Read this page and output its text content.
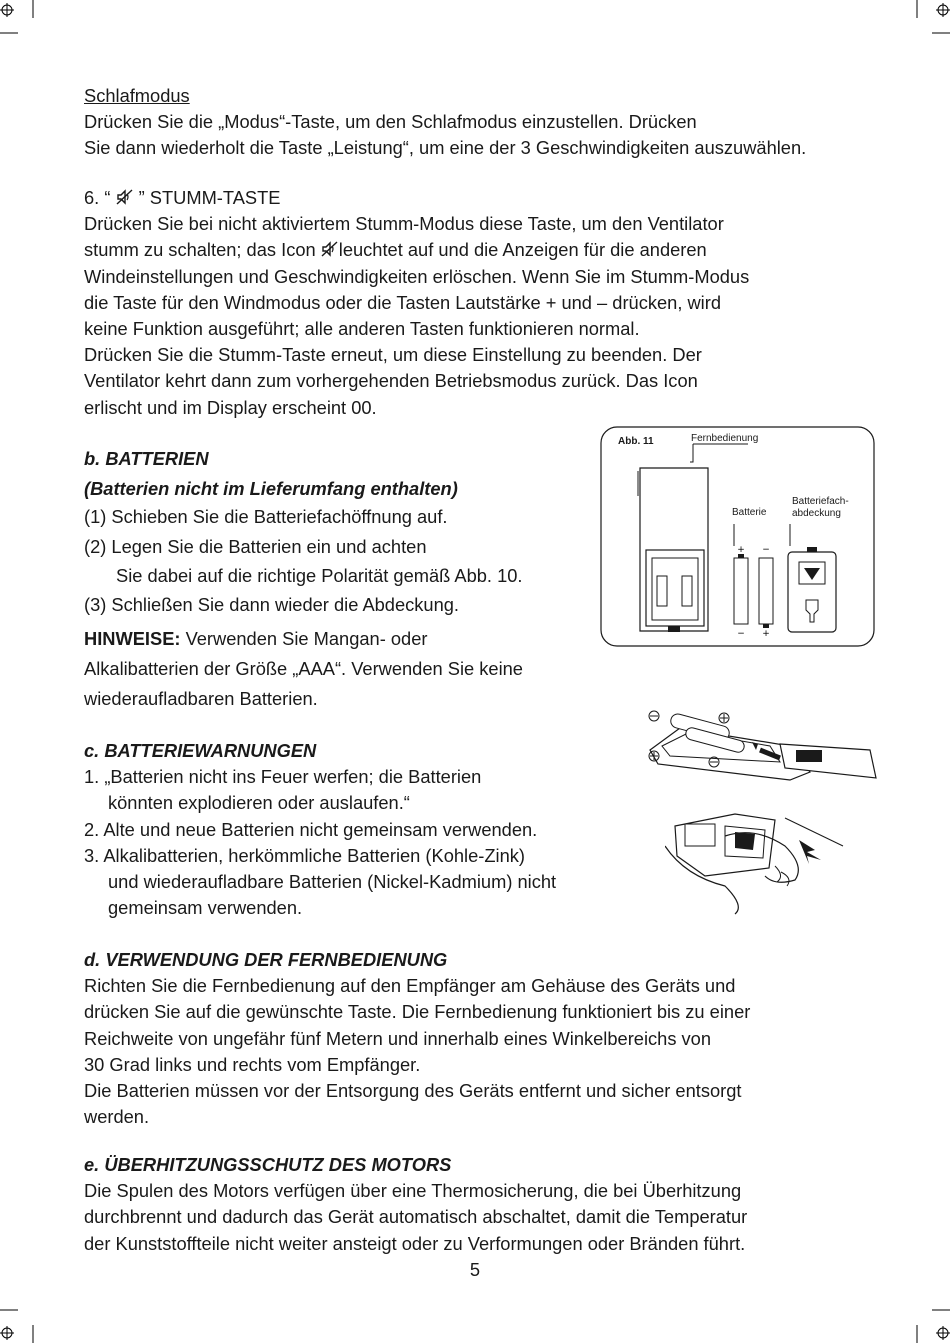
Schlafmodus
Drücken Sie die „Modus“-Taste, um den Schlafmodus einzustellen. Drücken
Sie dann wiederholt die Taste „Leistung“, um eine der 3 Geschwindigkeiten auszuwählen.
6. “ ” STUMM-TASTE
Drücken Sie bei nicht aktiviertem Stumm-Modus diese Taste, um den Ventilator
stumm zu schalten; das Icon leuchtet auf und die Anzeigen für die anderen
Windeinstellungen und Geschwindigkeiten erlöschen. Wenn Sie im Stumm-Modus
die Taste für den Windmodus oder die Tasten Lautstärke + und – drücken, wird
keine Funktion ausgeführt; alle anderen Tasten funktionieren normal.
Drücken Sie die Stumm-Taste erneut, um diese Einstellung zu beenden. Der
Ventilator kehrt dann zum vorhergehenden Betriebsmodus zurück. Das Icon
erlischt und im Display erscheint 00.
b. BATTERIEN
(Batterien nicht im Lieferumfang enthalten)
(1) Schieben Sie die Batteriefachöffnung auf.
(2) Legen Sie die Batterien ein und achten
Sie dabei auf die richtige Polarität gemäß Abb. 10.
(3) Schließen Sie dann wieder die Abdeckung.
HINWEISE: Verwenden Sie Mangan- oder
Alkalibatterien der Größe „AAA“. Verwenden Sie keine
wiederaufladbaren Batterien.
+ −
− +
Abb. 11	Fernbedienung
Batterie
Batteriefach-
abdeckung
c. BATTERIEWARNUNGEN
1. „Batterien nicht ins Feuer werfen; die Batterien
könnten explodieren oder auslaufen.“
2. Alte und neue Batterien nicht gemeinsam verwenden.
3. Alkalibatterien, herkömmliche Batterien (Kohle-Zink)
und wiederaufladbare Batterien (Nickel-Kadmium) nicht
gemeinsam verwenden.
d. VERWENDUNG DER FERNBEDIENUNG
Richten Sie die Fernbedienung auf den Empfänger am Gehäuse des Geräts und
drücken Sie auf die gewünschte Taste. Die Fernbedienung funktioniert bis zu einer
Reichweite von ungefähr fünf Metern und innerhalb eines Winkelbereichs von
30 Grad links und rechts vom Empfänger.
Die Batterien müssen vor der Entsorgung des Geräts entfernt und sicher entsorgt
werden.
e. ÜBERHITZUNGSSCHUTZ DES MOTORS
Die Spulen des Motors verfügen über eine Thermosicherung, die bei Überhitzung
durchbrennt und dadurch das Gerät automatisch abschaltet, damit die Temperatur
der Kunststoffteile nicht weiter ansteigt oder zu Verformungen oder Bränden führt.
5
